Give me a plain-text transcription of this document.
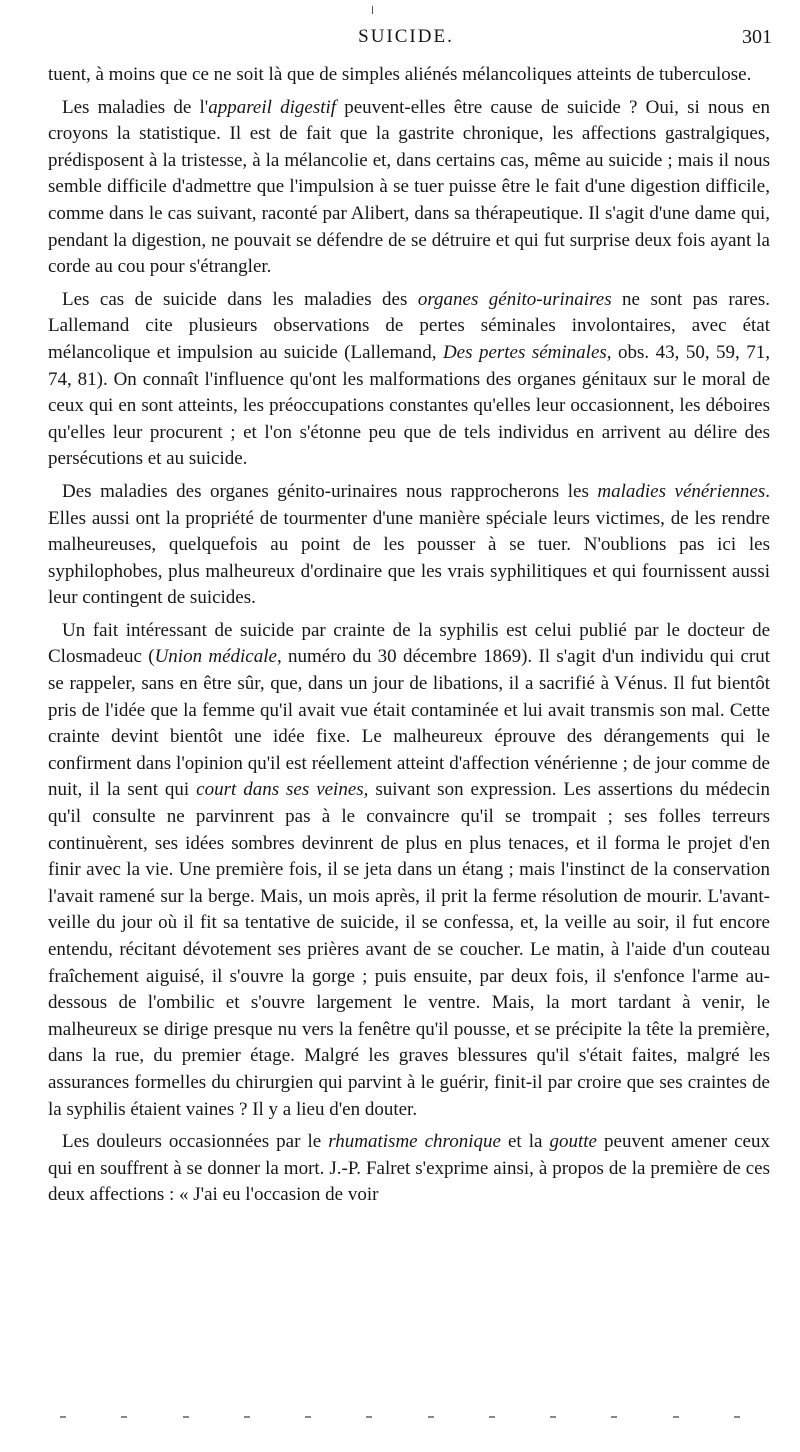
SUICIDE.	301

tuent, à moins que ce ne soit là que de simples aliénés mélancoliques atteints de tuberculose.

Les maladies de l'appareil digestif peuvent-elles être cause de suicide ? Oui, si nous en croyons la statistique. Il est de fait que la gastrite chronique, les affections gastralgiques, prédisposent à la tristesse, à la mélancolie et, dans certains cas, même au suicide ; mais il nous semble difficile d'admettre que l'impulsion à se tuer puisse être le fait d'une digestion difficile, comme dans le cas suivant, raconté par Alibert, dans sa thérapeutique. Il s'agit d'une dame qui, pendant la digestion, ne pouvait se défendre de se détruire et qui fut surprise deux fois ayant la corde au cou pour s'étrangler.

Les cas de suicide dans les maladies des organes génito-urinaires ne sont pas rares. Lallemand cite plusieurs observations de pertes séminales involontaires, avec état mélancolique et impulsion au suicide (Lallemand, Des pertes séminales, obs. 43, 50, 59, 71, 74, 81). On connaît l'influence qu'ont les malformations des organes génitaux sur le moral de ceux qui en sont atteints, les préoccupations constantes qu'elles leur occasionnent, les déboires qu'elles leur procurent ; et l'on s'étonne peu que de tels individus en arrivent au délire des persécutions et au suicide.

Des maladies des organes génito-urinaires nous rapprocherons les maladies vénériennes. Elles aussi ont la propriété de tourmenter d'une manière spéciale leurs victimes, de les rendre malheureuses, quelquefois au point de les pousser à se tuer. N'oublions pas ici les syphilophobes, plus malheureux d'ordinaire que les vrais syphilitiques et qui fournissent aussi leur contingent de suicides.

Un fait intéressant de suicide par crainte de la syphilis est celui publié par le docteur de Closmadeuc (Union médicale, numéro du 30 décembre 1869). Il s'agit d'un individu qui crut se rappeler, sans en être sûr, que, dans un jour de libations, il a sacrifié à Vénus. Il fut bientôt pris de l'idée que la femme qu'il avait vue était contaminée et lui avait transmis son mal. Cette crainte devint bientôt une idée fixe. Le malheureux éprouve des dérangements qui le confirment dans l'opinion qu'il est réellement atteint d'affection vénérienne ; de jour comme de nuit, il la sent qui court dans ses veines, suivant son expression. Les assertions du médecin qu'il consulte ne parvinrent pas à le convaincre qu'il se trompait ; ses folles terreurs continuèrent, ses idées sombres devinrent de plus en plus tenaces, et il forma le projet d'en finir avec la vie. Une première fois, il se jeta dans un étang ; mais l'instinct de la conservation l'avait ramené sur la berge. Mais, un mois après, il prit la ferme résolution de mourir. L'avant-veille du jour où il fit sa tentative de suicide, il se confessa, et, la veille au soir, il fut encore entendu, récitant dévotement ses prières avant de se coucher. Le matin, à l'aide d'un couteau fraîchement aiguisé, il s'ouvre la gorge ; puis ensuite, par deux fois, il s'enfonce l'arme au-dessous de l'ombilic et s'ouvre largement le ventre. Mais, la mort tardant à venir, le malheureux se dirige presque nu vers la fenêtre qu'il pousse, et se précipite la tête la première, dans la rue, du premier étage. Malgré les graves blessures qu'il s'était faites, malgré les assurances formelles du chirurgien qui parvint à le guérir, finit-il par croire que ses craintes de la syphilis étaient vaines ? Il y a lieu d'en douter.

Les douleurs occasionnées par le rhumatisme chronique et la goutte peuvent amener ceux qui en souffrent à se donner la mort. J.-P. Falret s'exprime ainsi, à propos de la première de ces deux affections : « J'ai eu l'occasion de voir
